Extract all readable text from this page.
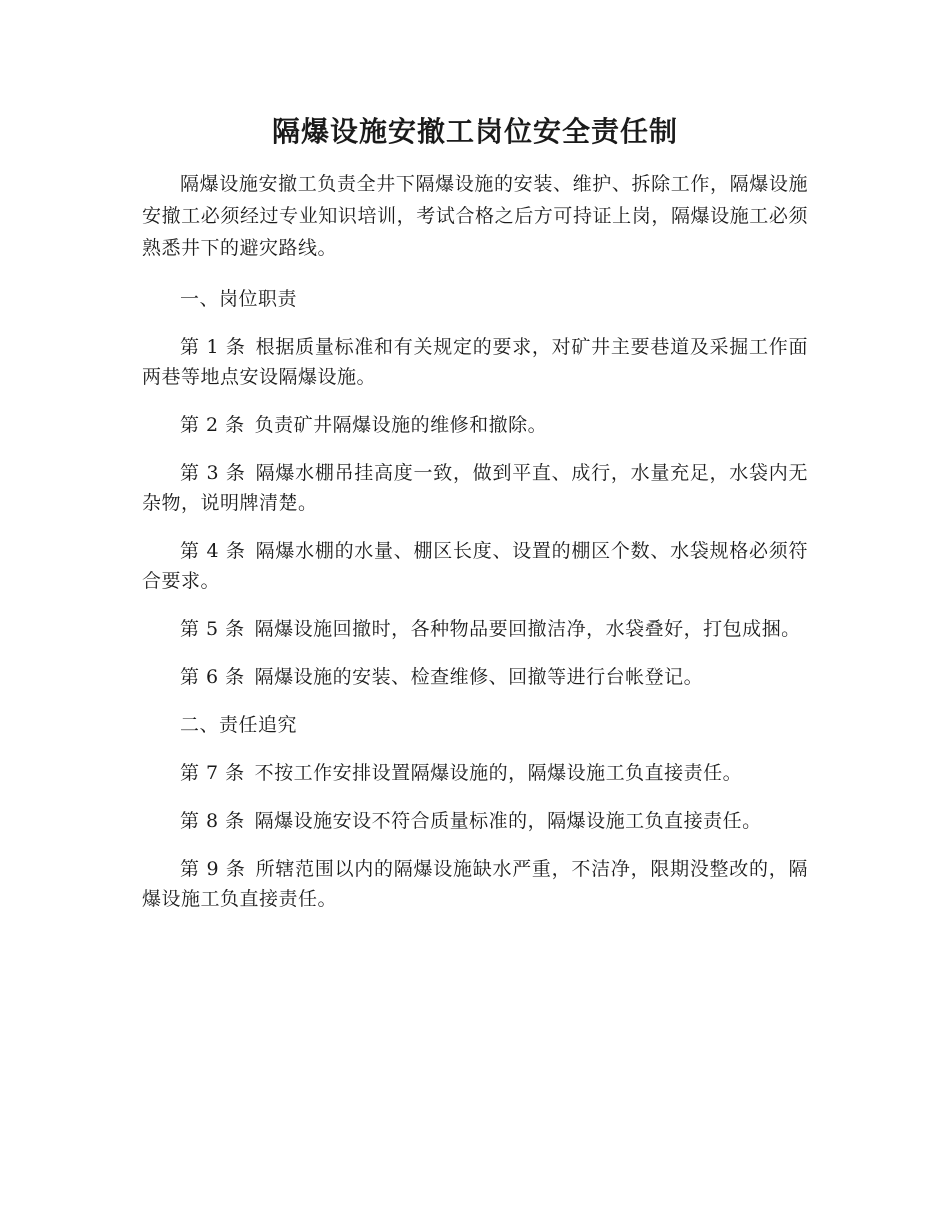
隔爆设施安撤工岗位安全责任制

隔爆设施安撤工负责全井下隔爆设施的安装、维护、拆除工作，隔爆设施安撤工必须经过专业知识培训，考试合格之后方可持证上岗，隔爆设施工必须熟悉井下的避灾路线。

一、岗位职责

第 1 条 根据质量标准和有关规定的要求，对矿井主要巷道及采掘工作面两巷等地点安设隔爆设施。

第 2 条 负责矿井隔爆设施的维修和撤除。

第 3 条 隔爆水棚吊挂高度一致，做到平直、成行，水量充足，水袋内无杂物，说明牌清楚。

第 4 条 隔爆水棚的水量、棚区长度、设置的棚区个数、水袋规格必须符合要求。

第 5 条 隔爆设施回撤时，各种物品要回撤洁净，水袋叠好，打包成捆。

第 6 条 隔爆设施的安装、检查维修、回撤等进行台帐登记。

二、责任追究

第 7 条 不按工作安排设置隔爆设施的，隔爆设施工负直接责任。

第 8 条 隔爆设施安设不符合质量标准的，隔爆设施工负直接责任。

第 9 条 所辖范围以内的隔爆设施缺水严重，不洁净，限期没整改的，隔爆设施工负直接责任。
